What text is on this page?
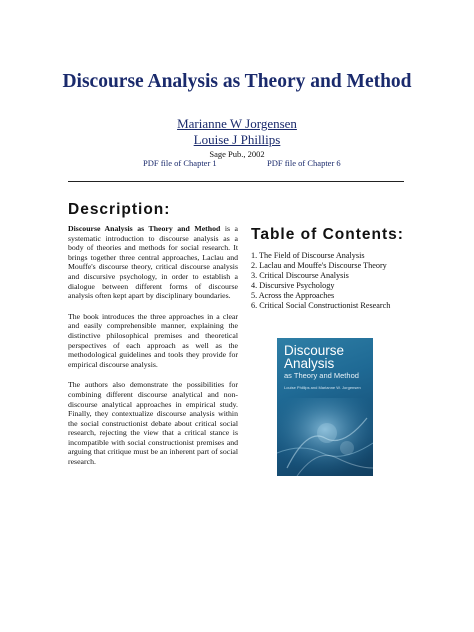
Discourse Analysis as Theory and Method
Marianne W Jorgensen
Louise J Phillips
Sage Pub., 2002
PDF file of Chapter 1	PDF file of Chapter 6
Description:

Discourse Analysis as Theory and Method is a systematic introduction to discourse analysis as a body of theories and methods for social research. It brings together three central approaches, Laclau and Mouffe's discourse theory, critical discourse analysis and discursive psychology, in order to establish a dialogue between different forms of discourse analysis often kept apart by disciplinary boundaries.

The book introduces the three approaches in a clear and easily comprehensible manner, explaining the distinctive philosophical premises and theoretical perspectives of each approach as well as the methodological guidelines and tools they provide for empirical discourse analysis.

The authors also demonstrate the possibilities for combining different discourse analytical and non-discourse analytical approaches in empirical study. Finally, they contextualize discourse analysis within the social constructionist debate about critical social research, rejecting the view that a critical stance is incompatible with social constructionist premises and arguing that critique must be an inherent part of social research.

Table of Contents:
1. The Field of Discourse Analysis
2. Laclau and Mouffe's Discourse Theory
3. Critical Discourse Analysis
4. Discursive Psychology
5. Across the Approaches
6. Critical Social Constructionist Research
Discourse
Analysis
as Theory and Method
Louise Phillips and Marianne W. Jorgensen
